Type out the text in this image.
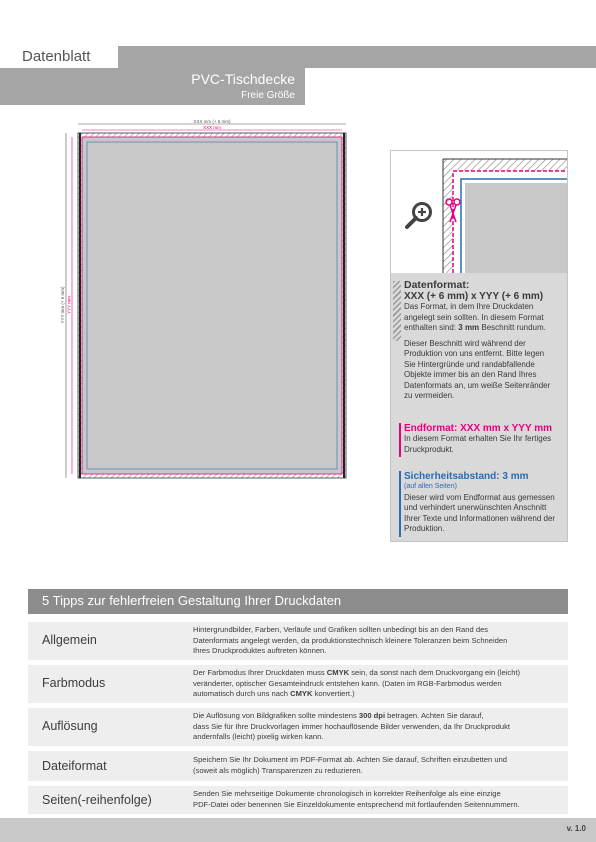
Datenblatt
PVC-Tischdecke
Freie Größe
XXX mm (+ 6 mm)
XXX mm
YYY mm (+ 6 mm) YYY mm
Datenformat:
XXX (+ 6 mm) x YYY (+ 6 mm)
Das Format, in dem Ihre Druckdaten
angelegt sein sollten. In diesem Format
enthalten sind: 3 mm Beschnitt rundum.
Dieser Beschnitt wird während der
Produktion von uns entfernt. Bitte legen
Sie Hintergründe und randabfallende
Objekte immer bis an den Rand Ihres
Datenformats an, um weiße Seitenränder
zu vermeiden.
Endformat: XXX mm x YYY mm
In diesem Format erhalten Sie Ihr fertiges
Druckprodukt.
Sicherheitsabstand: 3 mm
(auf allen Seiten)
Dieser wird vom Endformat aus gemessen
und verhindert unerwünschten Anschnitt
Ihrer Texte und Informationen während der
Produktion.
5 Tipps zur fehlerfreien Gestaltung Ihrer Druckdaten
Allgemein
Hintergrundbilder, Farben, Verläufe und Grafiken sollten unbedingt bis an den Rand des
Datenformats angelegt werden, da produktionstechnisch kleinere Toleranzen beim Schneiden
Ihres Druckproduktes auftreten können.
Farbmodus
Der Farbmodus Ihrer Druckdaten muss CMYK sein, da sonst nach dem Druckvorgang ein (leicht)
veränderter, optischer Gesamteindruck entstehen kann. (Daten im RGB-Farbmodus werden
automatisch durch uns nach CMYK konvertiert.)
Auflösung
Die Auflösung von Bildgrafiken sollte mindestens 300 dpi betragen. Achten Sie darauf,
dass Sie für Ihre Druckvorlagen immer hochauflösende Bilder verwenden, da Ihr Druckprodukt
andernfalls (leicht) pixelig wirken kann.
Dateiformat	Speichern Sie Ihr Dokument im PDF-Format ab. Achten Sie darauf, Schriften einzubetten und
(soweit als möglich) Transparenzen zu reduzieren.
Seiten(-reihenfolge)	Senden Sie mehrseitige Dokumente chronologisch in korrekter Reihenfolge als eine einzige
PDF-Datei oder benennen Sie Einzeldokumente entsprechend mit fortlaufenden Seitennummern.
v. 1.0
